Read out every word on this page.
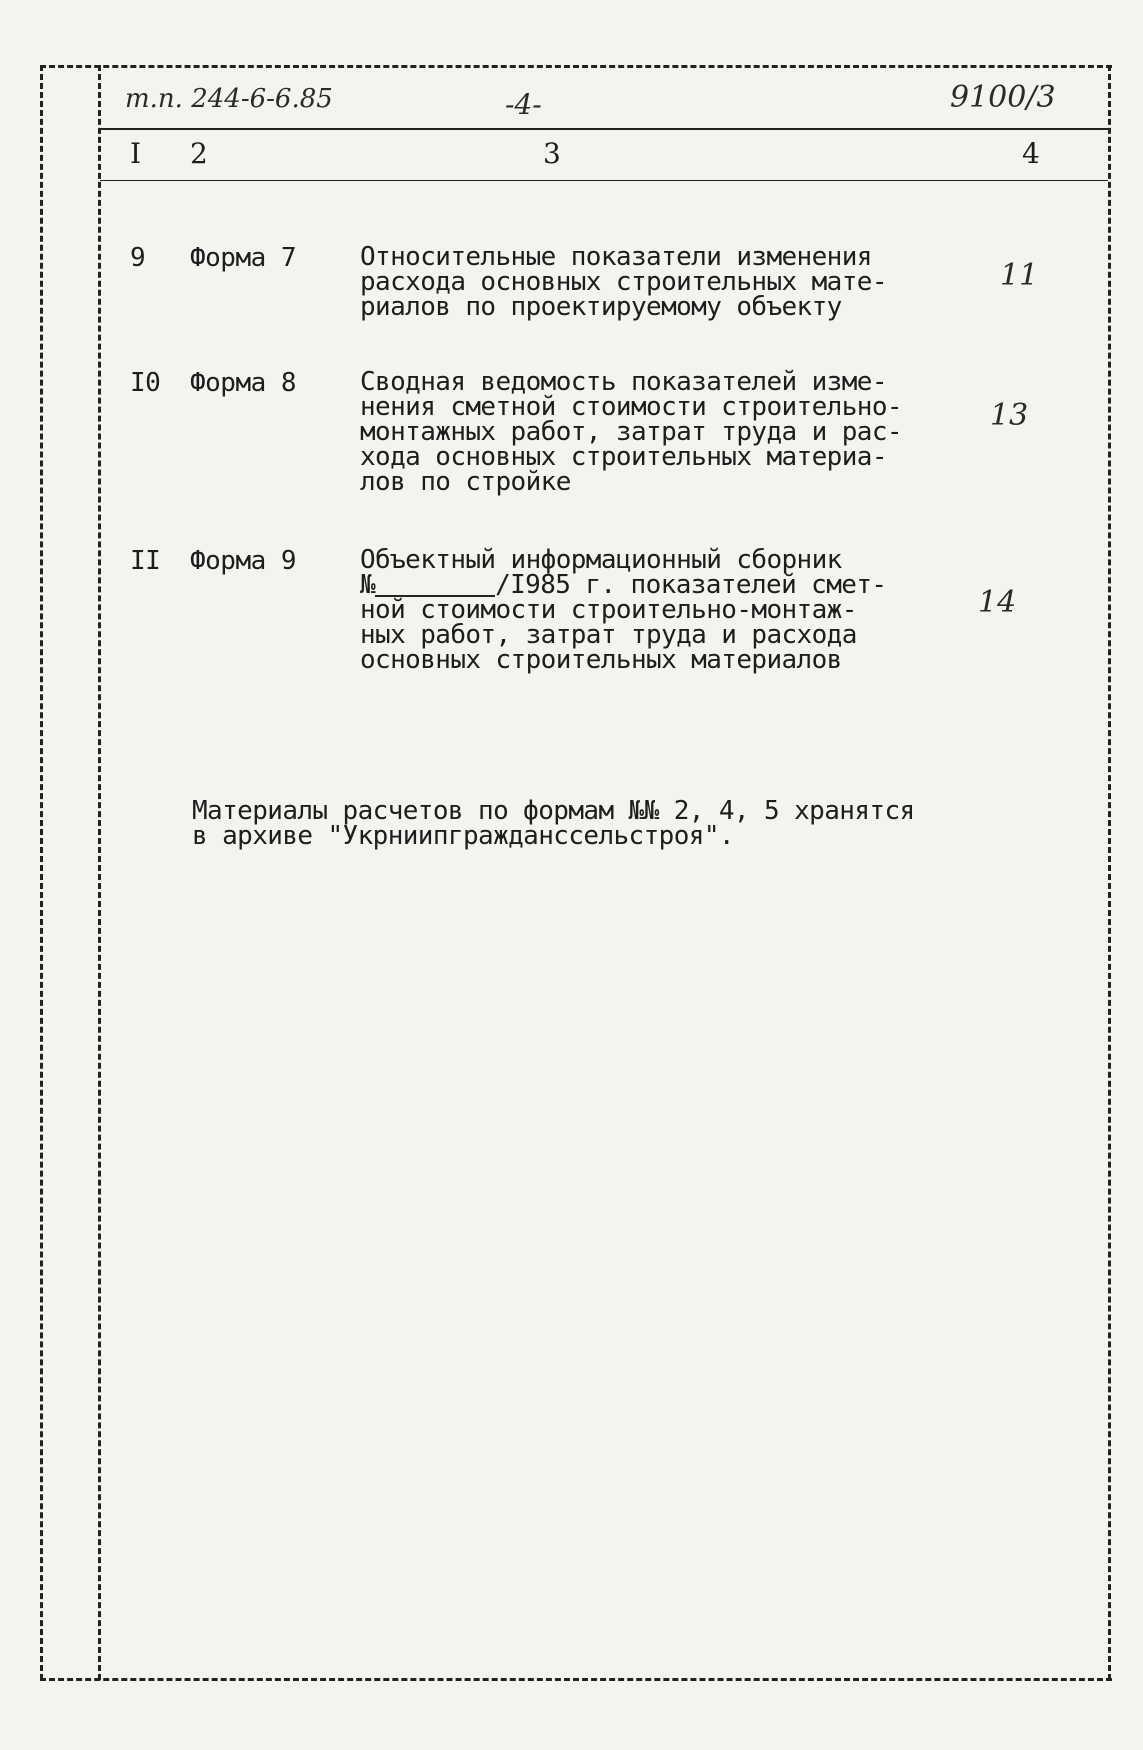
т.п. 244-6-6.85	-4-	9100/3
I 2	3	4
9 Форма 7 Относительные показатели изменения
расхода основных строительных мате-
риалов по проектируемому объекту
11
I0 Форма 8 Сводная ведомость показателей изме-
нения сметной стоимости строительно-
монтажных работ, затрат труда и рас-
хода основных строительных материа-
лов по стройке
13
II Форма 9 Объектный информационный сборник
№	/I985 г. показателей смет-
ной стоимости строительно-монтаж-
ных работ, затрат труда и расхода
основных строительных материалов
14
Материалы расчетов по формам №№ 2, 4, 5 хранятся
в архиве "Укрниипгражданссельстроя".
